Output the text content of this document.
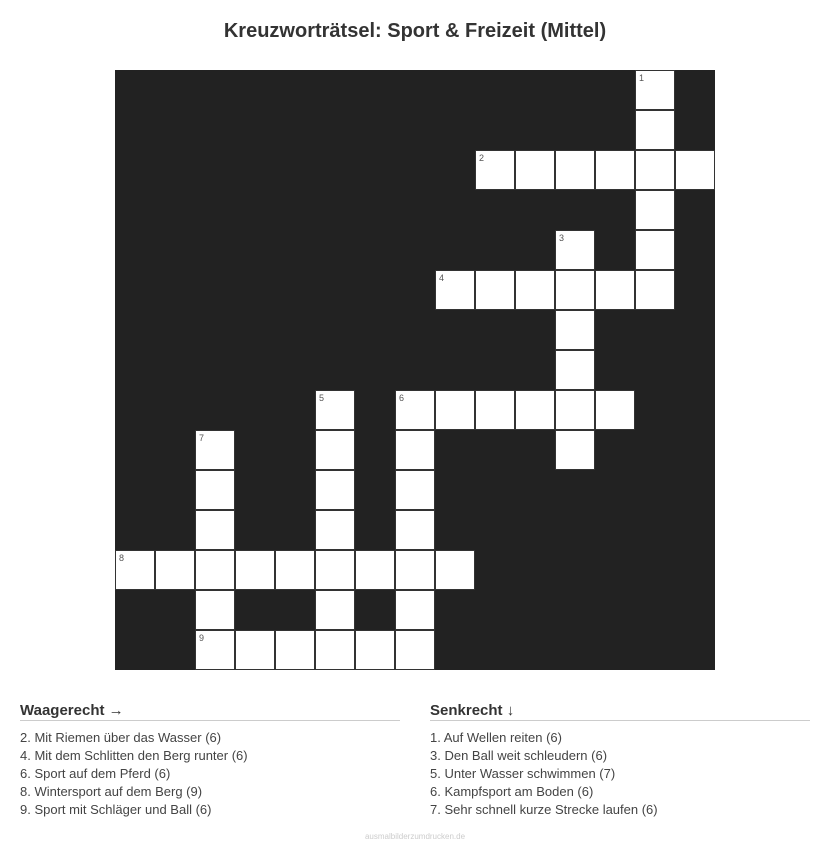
Kreuzworträtsel: Sport & Freizeit (Mittel)
1
2
3
4
5	6
7
8
9
Waagerecht →
2. Mit Riemen über das Wasser (6)
4. Mit dem Schlitten den Berg runter (6)
6. Sport auf dem Pferd (6)
8. Wintersport auf dem Berg (9)
9. Sport mit Schläger und Ball (6)
Senkrecht ↓
1. Auf Wellen reiten (6)
3. Den Ball weit schleudern (6)
5. Unter Wasser schwimmen (7)
6. Kampfsport am Boden (6)
7. Sehr schnell kurze Strecke laufen (6)
ausmalbilderzumdrucken.de
